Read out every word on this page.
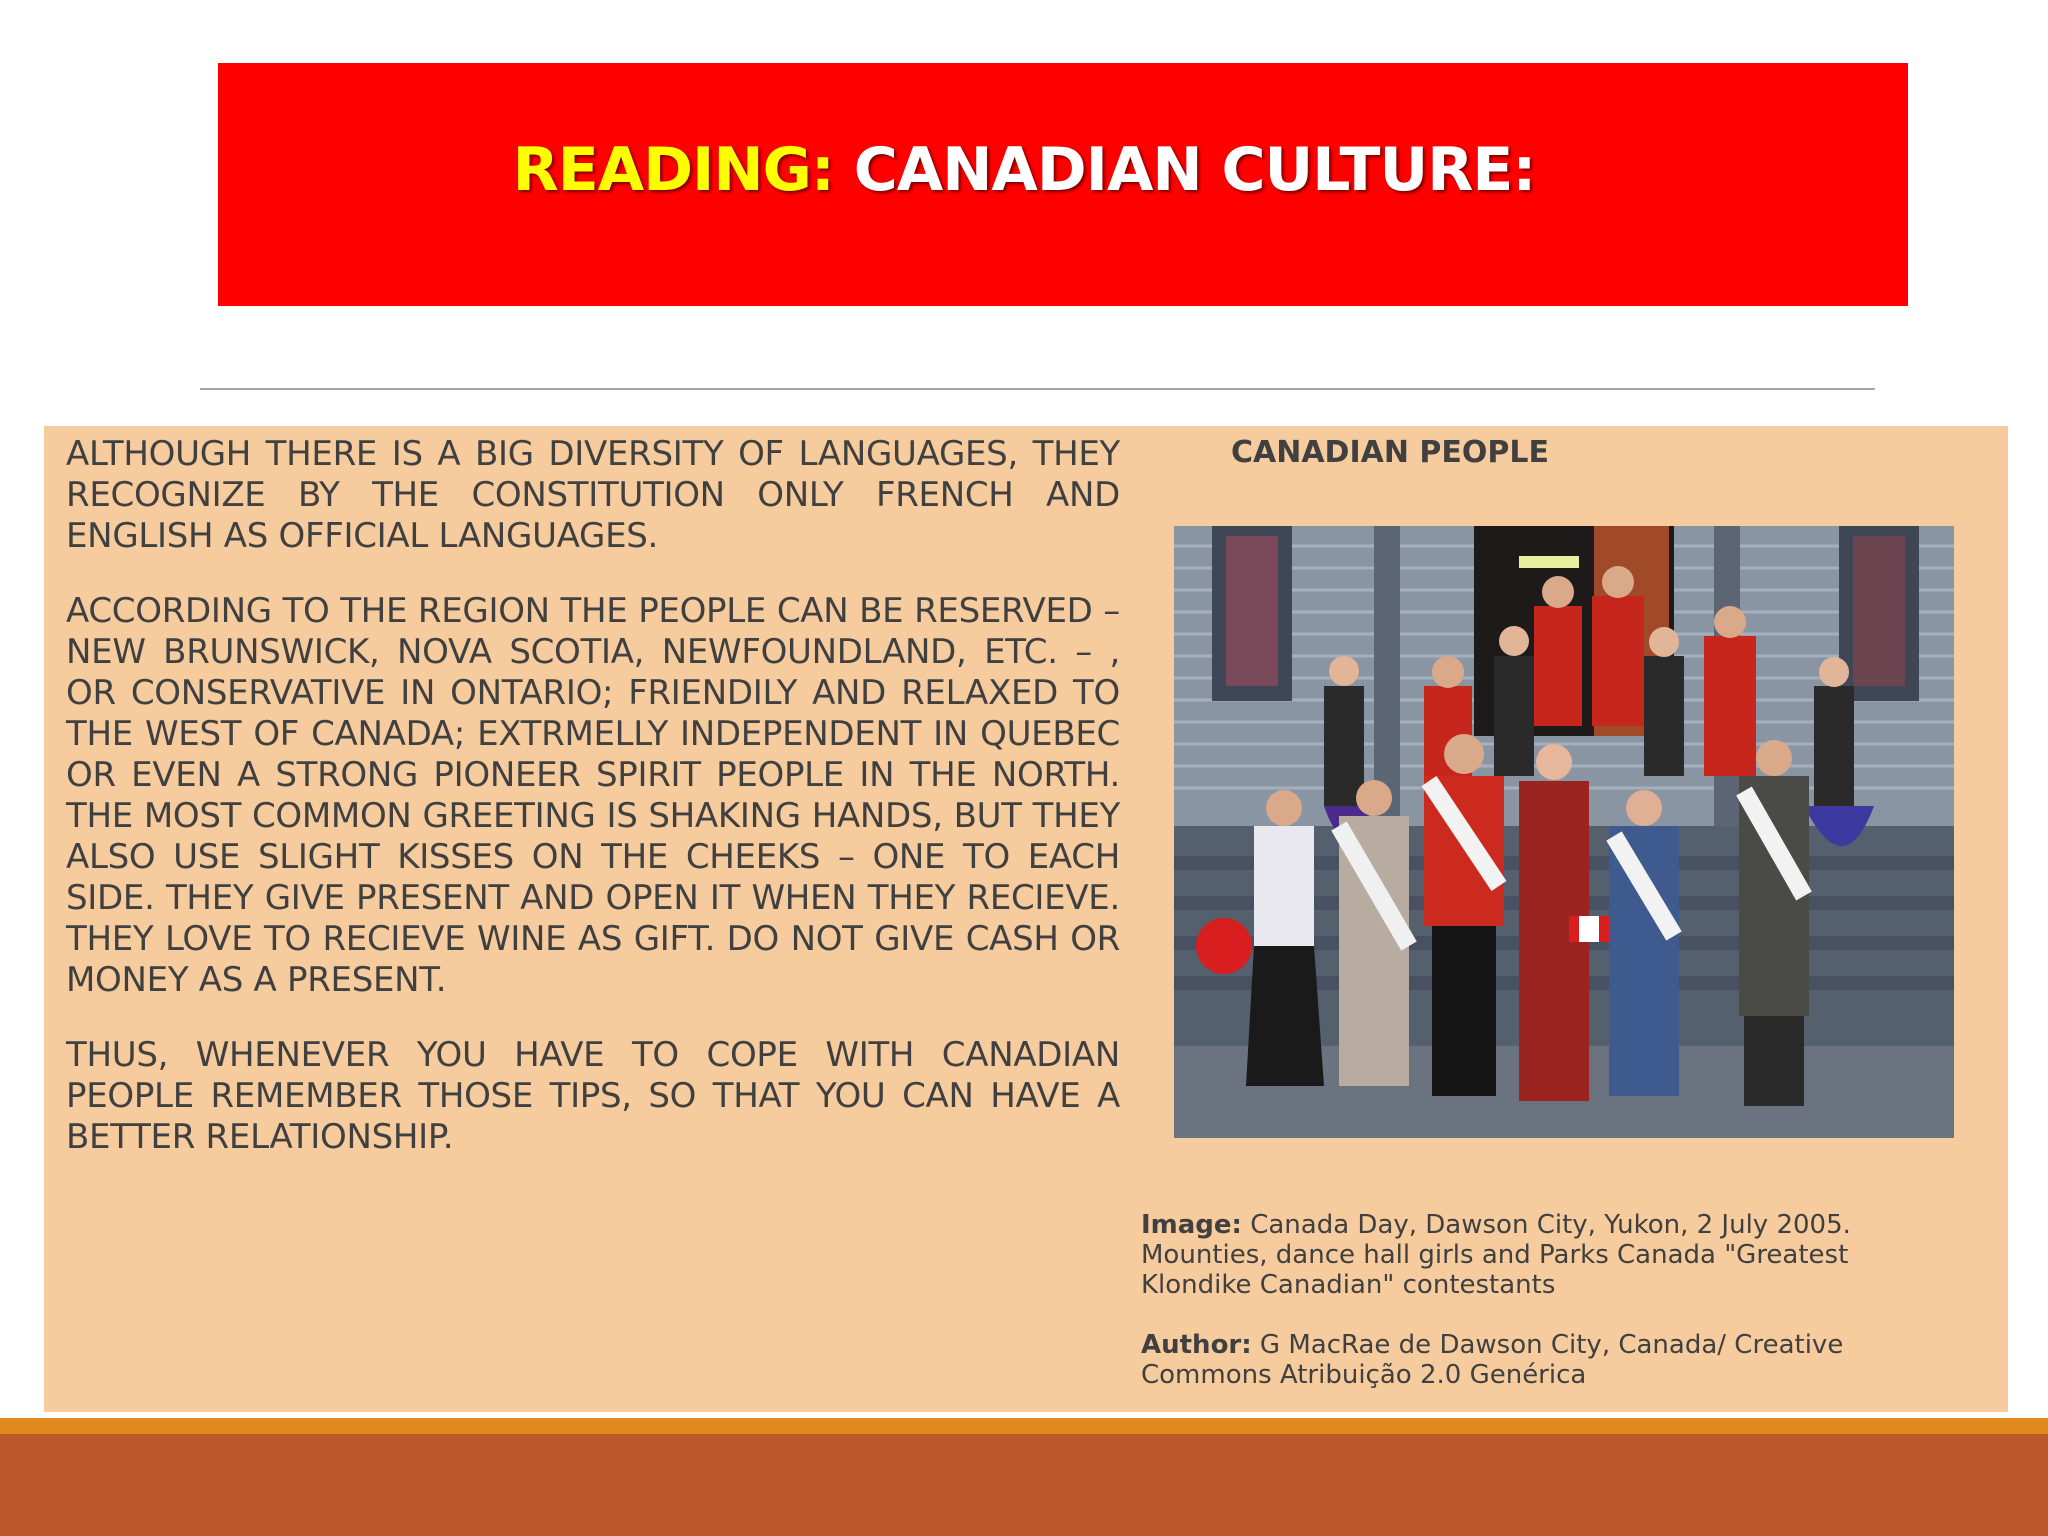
READING: CANADIAN CULTURE:

ALTHOUGH THERE IS A BIG DIVERSITY OF LANGUAGES, THEY RECOGNIZE BY THE CONSTITUTION ONLY FRENCH AND ENGLISH AS OFFICIAL LANGUAGES.

ACCORDING TO THE REGION THE PEOPLE CAN BE RESERVED – NEW BRUNSWICK, NOVA SCOTIA, NEWFOUNDLAND, ETC. – , OR CONSERVATIVE IN ONTARIO; FRIENDILY AND RELAXED TO THE WEST OF CANADA; EXTRMELLY INDEPENDENT IN QUEBEC OR EVEN A STRONG PIONEER SPIRIT PEOPLE IN THE NORTH. THE MOST COMMON GREETING IS SHAKING HANDS, BUT THEY ALSO USE SLIGHT KISSES ON THE CHEEKS – ONE TO EACH SIDE. THEY GIVE PRESENT AND OPEN IT WHEN THEY RECIEVE. THEY LOVE TO RECIEVE WINE AS GIFT. DO NOT GIVE CASH OR MONEY AS A PRESENT.

THUS, WHENEVER YOU HAVE TO COPE WITH CANADIAN PEOPLE REMEMBER THOSE TIPS, SO THAT YOU CAN HAVE A BETTER RELATIONSHIP.

CANADIAN PEOPLE

Image: Canada Day, Dawson City, Yukon, 2 July 2005. Mounties, dance hall girls and Parks Canada "Greatest Klondike Canadian" contestants

Author: G MacRae de Dawson City, Canada/ Creative Commons Atribuição 2.0 Genérica
